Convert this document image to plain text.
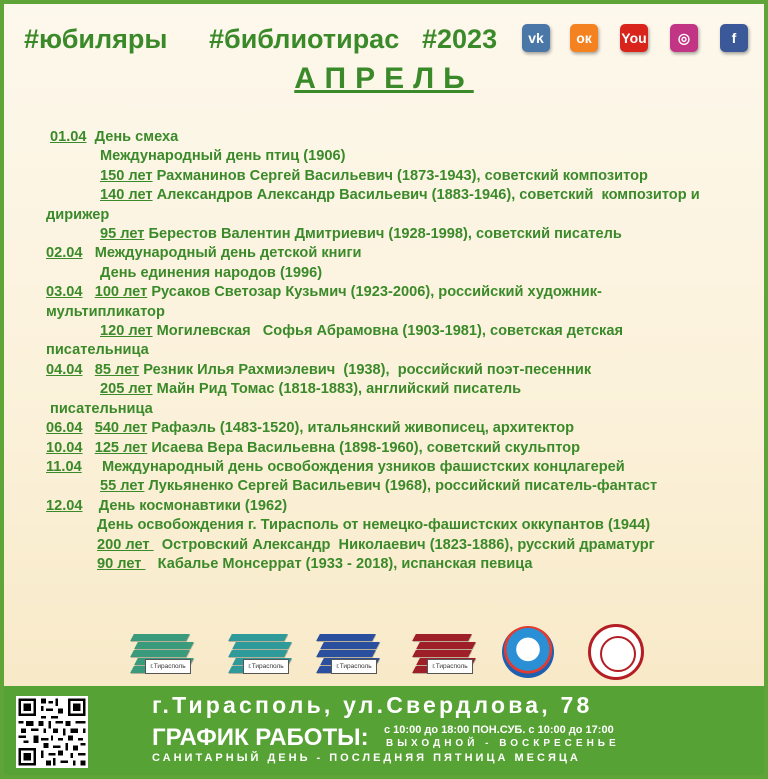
#юбиляры #библиотирас #2023	vk	ок	You	◎	f
АПРЕЛЬ
01.04 День смеха
Международный день птиц (1906)
150 лет Рахманинов Сергей Васильевич (1873-1943), советский композитор
140 лет Александров Александр Васильевич (1883-1946), советский  композитор и
дирижер
95 лет Берестов Валентин Дмитриевич (1928-1998), советский писатель
02.04 Международный день детской книги
День единения народов (1996)
03.04 100 лет Русаков Светозар Кузьмич (1923-2006), российский художник-
мультипликатор
120 лет Могилевская   Софья Абрамовна (1903-1981), советская детская
писательница
04.04 85 лет Резник Илья Рахмиэлевич  (1938),  российский поэт-песенник
205 лет Майн Рид Томас (1818-1883), английский писатель
писательница
06.04 540 лет Рафаэль (1483-1520), итальянский живописец, архитектор
10.04 125 лет Исаева Вера Васильевна (1898-1960), советский скульптор
11.04 Международный день освобождения узников фашистских концлагерей
55 лет Лукьяненко Сергей Васильевич (1968), российский писатель-фантаст
12.04 День космонавтики (1962)
День освобождения г. Тирасполь от немецко-фашистских оккупантов (1944)
200 лет   Островский Александр  Николаевич (1823-1886), русский драматург
90 лет    Кабалье Монсеррат (1933 - 2018), испанская певица
г.Тирасполь	г.Тирасполь	г.Тирасполь	г.Тирасполь
г.Тирасполь, ул.Свердлова, 78
ГРАФИК РАБОТЫ: с 10:00 до 18:00 ПОН.СУБ. с 10:00 до 17:00
ВЫХОДНОЙ - ВОСКРЕСЕНЬЕ
САНИТАРНЫЙ ДЕНЬ - ПОСЛЕДНЯЯ ПЯТНИЦА МЕСЯЦА
